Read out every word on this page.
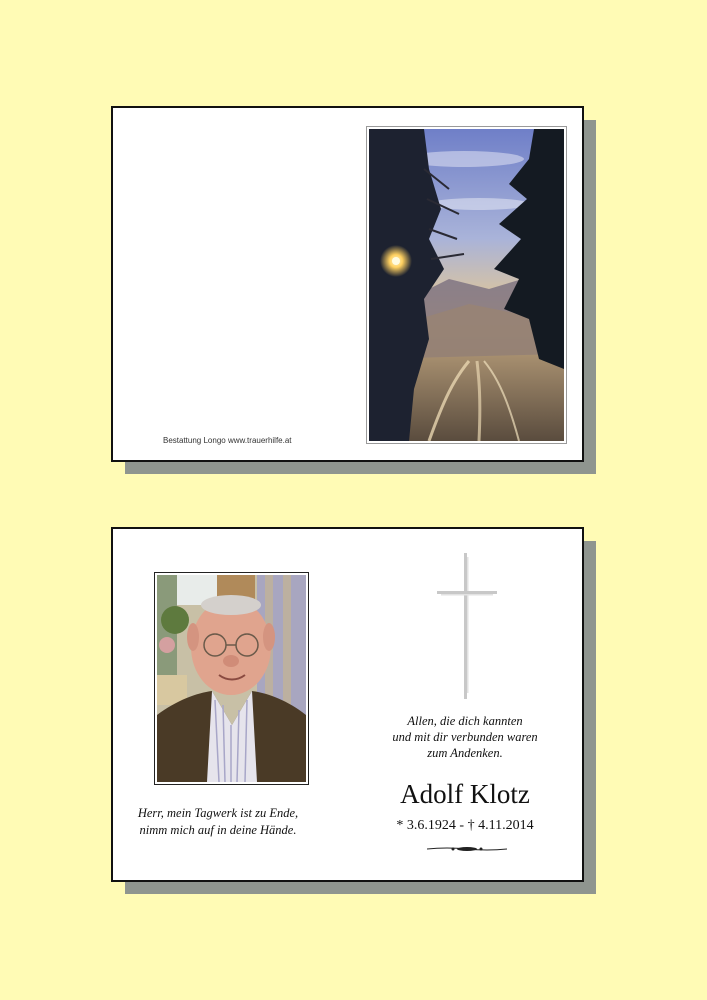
Bestattung Longo www.trauerhilfe.at
Herr, mein Tagwerk ist zu Ende,
nimm mich auf in deine Hände.
Allen, die dich kannten
und mit dir verbunden waren
zum Andenken.
Adolf Klotz
* 3.6.1924 - † 4.11.2014
